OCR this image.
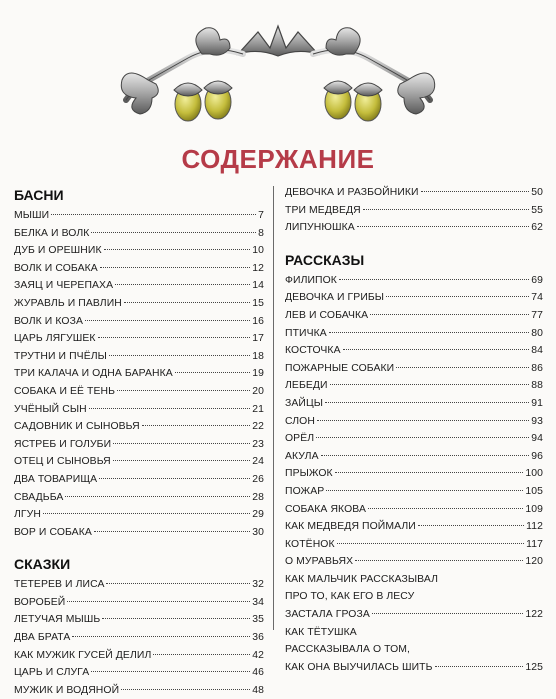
СОДЕРЖАНИЕ
БАСНИ
МЫШИ	7
БЕЛКА И ВОЛК	8
ДУБ И ОРЕШНИК	10
ВОЛК И СОБАКА	12
ЗАЯЦ И ЧЕРЕПАХА	14
ЖУРАВЛЬ И ПАВЛИН	15
ВОЛК И КОЗА	16
ЦАРЬ ЛЯГУШЕК	17
ТРУТНИ И ПЧЁЛЫ	18
ТРИ КАЛАЧА И ОДНА БАРАНКА	19
СОБАКА И ЕЁ ТЕНЬ	20
УЧЁНЫЙ СЫН	21
САДОВНИК И СЫНОВЬЯ	22
ЯСТРЕБ И ГОЛУБИ	23
ОТЕЦ И СЫНОВЬЯ	24
ДВА ТОВАРИЩА	26
СВАДЬБА	28
ЛГУН	29
ВОР И СОБАКА	30
СКАЗКИ
ТЕТЕРЕВ И ЛИСА	32
ВОРОБЕЙ	34
ЛЕТУЧАЯ МЫШЬ	35
ДВА БРАТА	36
КАК МУЖИК ГУСЕЙ ДЕЛИЛ	42
ЦАРЬ И СЛУГА	46
МУЖИК И ВОДЯНОЙ	48
ДЕВОЧКА И РАЗБОЙНИКИ	50
ТРИ МЕДВЕДЯ	55
ЛИПУНЮШКА	62
РАССКАЗЫ
ФИЛИПОК	69
ДЕВОЧКА И ГРИБЫ	74
ЛЕВ И СОБАЧКА	77
ПТИЧКА	80
КОСТОЧКА	84
ПОЖАРНЫЕ СОБАКИ	86
ЛЕБЕДИ	88
ЗАЙЦЫ	91
СЛОН	93
ОРЁЛ	94
АКУЛА	96
ПРЫЖОК	100
ПОЖАР	105
СОБАКА ЯКОВА	109
КАК МЕДВЕДЯ ПОЙМАЛИ	112
КОТЁНОК	117
О МУРАВЬЯХ	120
КАК МАЛЬЧИК РАССКАЗЫВАЛ
ПРО ТО, КАК ЕГО В ЛЕСУ
ЗАСТАЛА ГРОЗА	122
КАК ТЁТУШКА
РАССКАЗЫВАЛА О ТОМ,
КАК ОНА ВЫУЧИЛАСЬ ШИТЬ	125
